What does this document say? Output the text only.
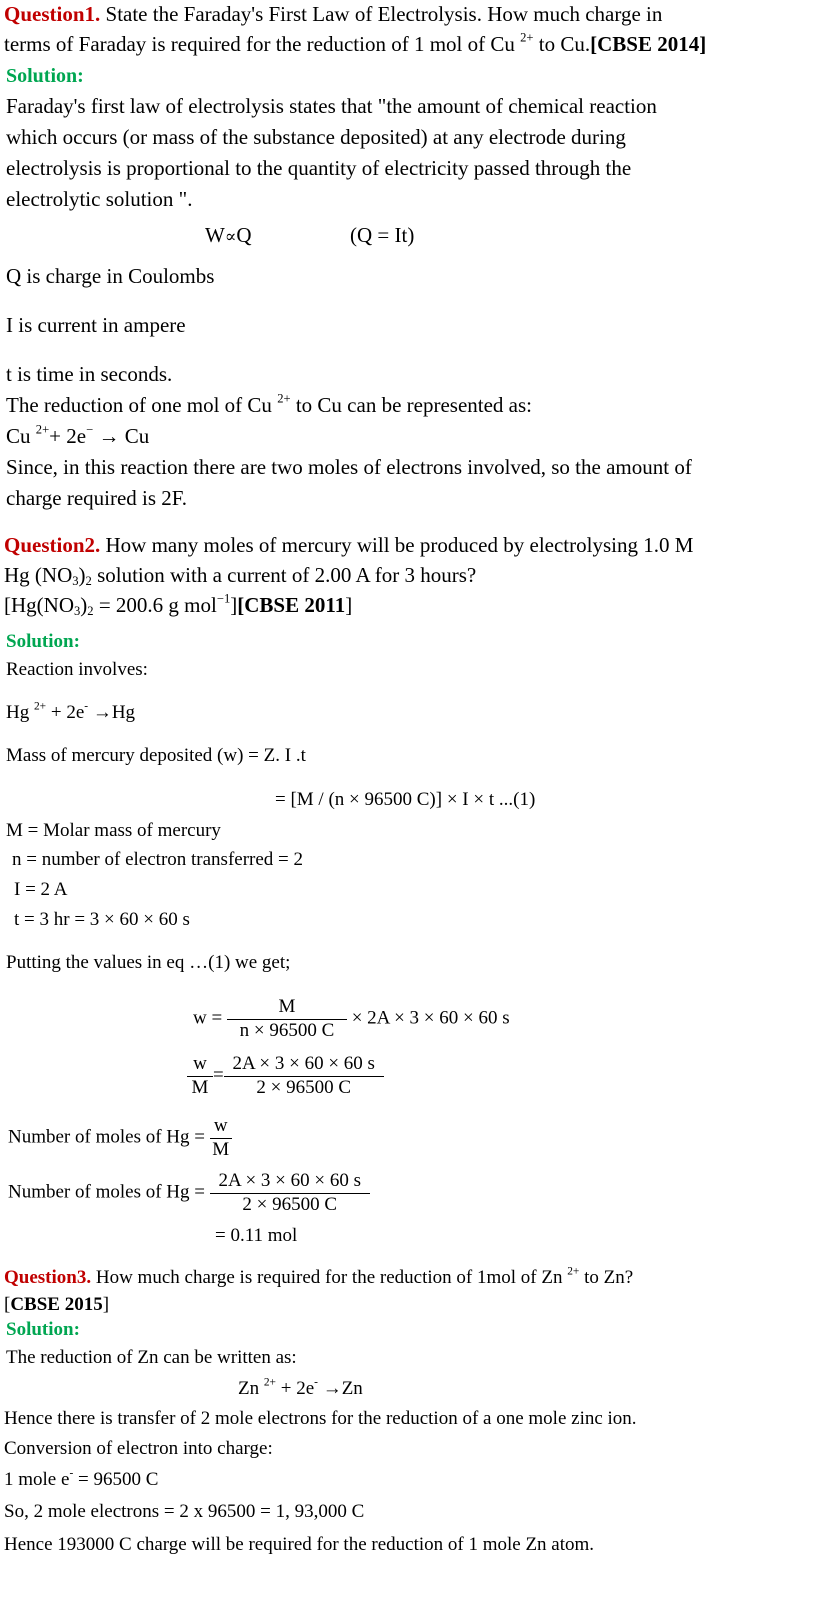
Question1. State the Faraday's First Law of Electrolysis. How much charge in
terms of Faraday is required for the reduction of 1 mol of Cu $^{2+}$ to Cu.[CBSE 2014]
Solution:
Faraday's first law of electrolysis states that "the amount of chemical reaction
which occurs (or mass of the substance deposited) at any electrode during
electrolysis is proportional to the quantity of electricity passed through the
electrolytic solution ".
W∝Q	(Q = It)
Q is charge in Coulombs
I is current in ampere
t is time in seconds.
The reduction of one mol of Cu $^{2+}$ to Cu can be represented as:
Cu $^{2+}$+ 2e− → Cu
Since, in this reaction there are two moles of electrons involved, so the amount of
charge required is 2F.
Question2. How many moles of mercury will be produced by electrolysing 1.0 M
Hg $(NO_3)_2$ solution with a current of 2.00 A for 3 hours?
[$Hg(NO_3)_2 = 200.6$ g mol$^{-1}$][CBSE 2011]
Solution:
Reaction involves:
Hg $^{2+}$ + 2e- →Hg
Mass of mercury deposited (w) = Z. I .t
= [M / (n × 96500 C)] × I × t ...(1)
M = Molar mass of mercury
n = number of electron transferred = 2
I = 2 A
t = 3 hr = 3 × 60 × 60 s
Putting the values in eq …(1) we get;
$w = \frac{M}{n \times 96500 C} \times 2A \times 3 \times 60 \times 60$ s
$\frac{w}{M} = \frac{2A \times 3 \times 60 \times 60 s}{2 \times 96500 C}$
Number of moles of $Hg = \frac{w}{M}$
Number of moles of $Hg = \frac{2A \times 3 \times 60 \times 60 s}{2 \times 96500 C}$
= 0.11 mol
Question3. How much charge is required for the reduction of 1mol of Zn $^{2+}$ to Zn?
[CBSE 2015]
Solution:
The reduction of Zn can be written as:
Zn $^{2+}$ + 2e- →Zn
Hence there is transfer of 2 mole electrons for the reduction of a one mole zinc ion.
Conversion of electron into charge:
1 mole e- = 96500 C
So, 2 mole electrons = 2 x 96500 = 1, 93,000 C
Hence 193000 C charge will be required for the reduction of 1 mole Zn atom.
